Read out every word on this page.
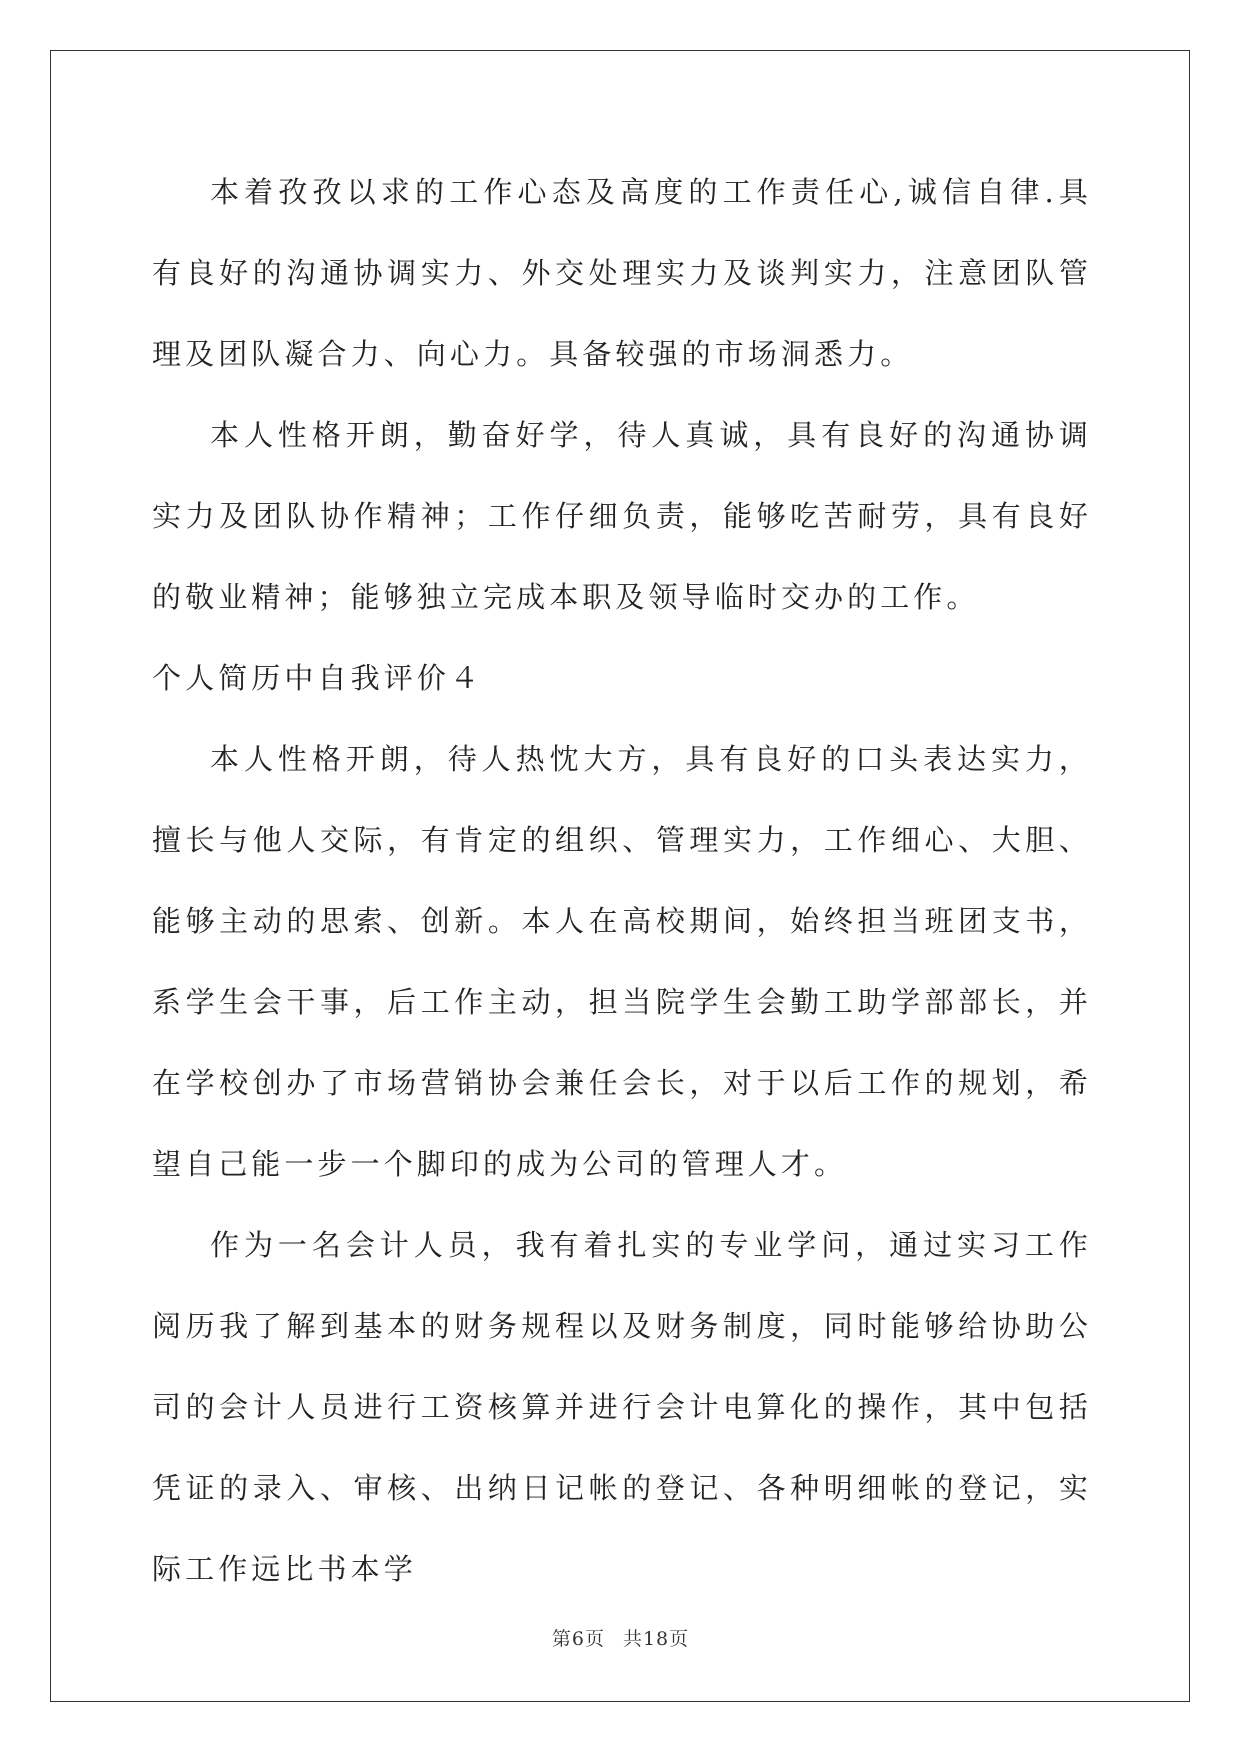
本着孜孜以求的工作心态及高度的工作责任心,诚信自律.具有良好的沟通协调实力、外交处理实力及谈判实力，注意团队管理及团队凝合力、向心力。具备较强的市场洞悉力。

本人性格开朗，勤奋好学，待人真诚，具有良好的沟通协调实力及团队协作精神；工作仔细负责，能够吃苦耐劳，具有良好的敬业精神；能够独立完成本职及领导临时交办的工作。

个人简历中自我评价４

本人性格开朗，待人热忱大方，具有良好的口头表达实力，擅长与他人交际，有肯定的组织、管理实力，工作细心、大胆、能够主动的思索、创新。本人在高校期间，始终担当班团支书，系学生会干事，后工作主动，担当院学生会勤工助学部部长，并在学校创办了市场营销协会兼任会长，对于以后工作的规划，希望自己能一步一个脚印的成为公司的管理人才。

作为一名会计人员，我有着扎实的专业学问，通过实习工作阅历我了解到基本的财务规程以及财务制度，同时能够给协助公司的会计人员进行工资核算并进行会计电算化的操作，其中包括凭证的录入、审核、出纳日记帐的登记、各种明细帐的登记，实际工作远比书本学

第6页 共18页
